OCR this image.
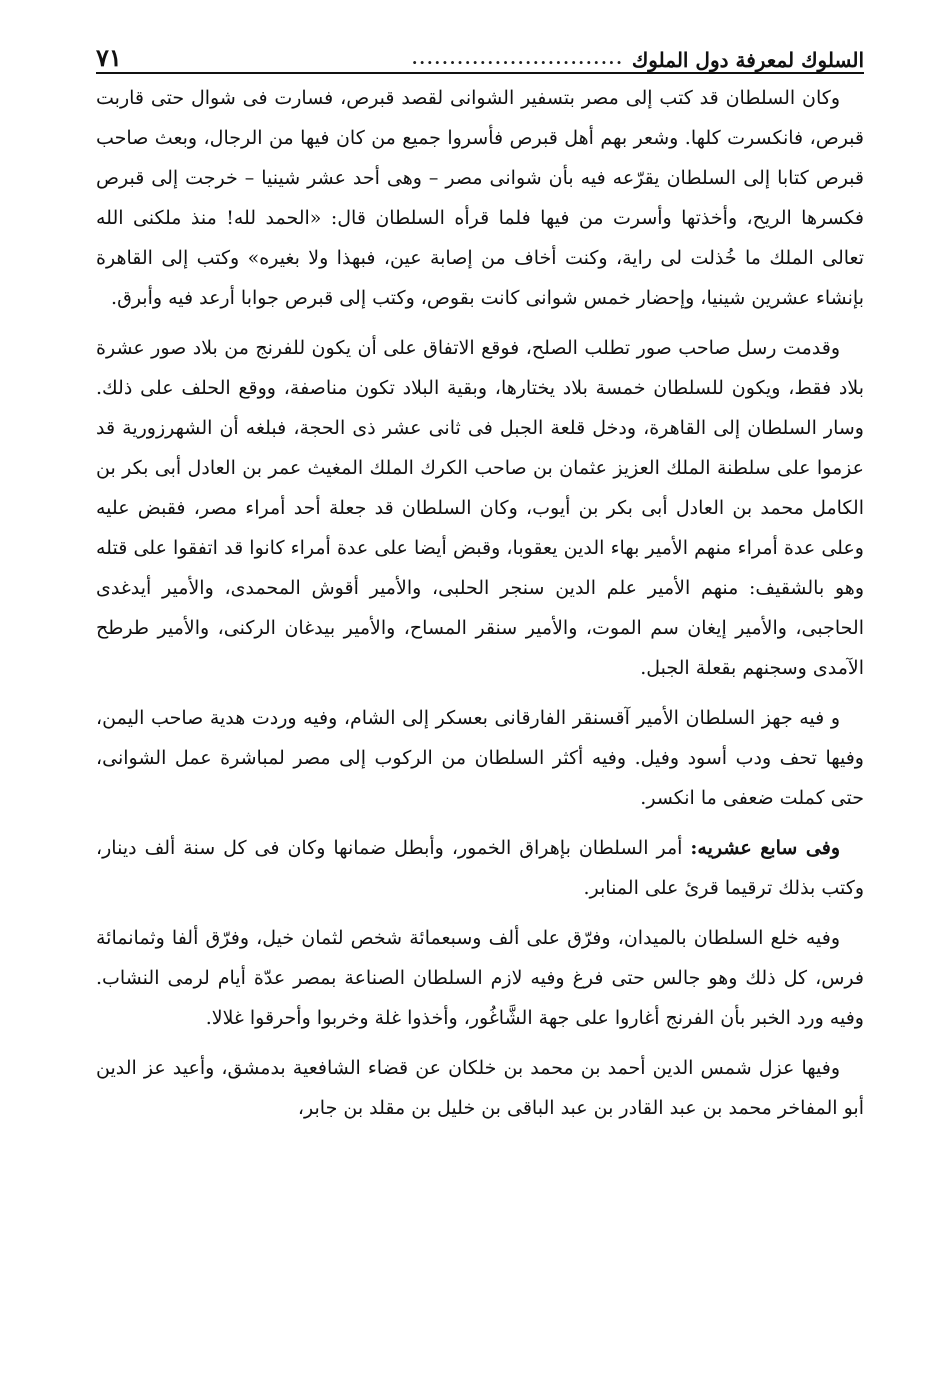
السلوك لمعرفة دول الملوك
............................
٧١

وكان السلطان قد كتب إلى مصر بتسفير الشوانى لقصد قبرص، فسارت فى شوال حتى قاربت قبرص، فانكسرت كلها. وشعر بهم أهل قبرص فأسروا جميع من كان فيها من الرجال، وبعث صاحب قبرص كتابا إلى السلطان يقرّعه فيه بأن شوانى مصر – وهى أحد عشر شينيا – خرجت إلى قبرص فكسرها الريح، وأخذتها وأسرت من فيها فلما قرأه السلطان قال: «الحمد لله! منذ ملكنى الله تعالى الملك ما خُذلت لى راية، وكنت أخاف من إصابة عين، فبهذا ولا بغيره» وكتب إلى القاهرة بإنشاء عشرين شينيا، وإحضار خمس شوانى كانت بقوص، وكتب إلى قبرص جوابا أرعد فيه وأبرق.

وقدمت رسل صاحب صور تطلب الصلح، فوقع الاتفاق على أن يكون للفرنج من بلاد صور عشرة بلاد فقط، ويكون للسلطان خمسة بلاد يختارها، وبقية البلاد تكون مناصفة، ووقع الحلف على ذلك. وسار السلطان إلى القاهرة، ودخل قلعة الجبل فى ثانى عشر ذى الحجة، فبلغه أن الشهرزورية قد عزموا على سلطنة الملك العزيز عثمان بن صاحب الكرك الملك المغيث عمر بن العادل أبى بكر بن الكامل محمد بن العادل أبى بكر بن أيوب، وكان السلطان قد جعلة أحد أمراء مصر، فقبض عليه وعلى عدة أمراء منهم الأمير بهاء الدين يعقوبا، وقبض أيضا على عدة أمراء كانوا قد اتفقوا على قتله وهو بالشقيف: منهم الأمير علم الدين سنجر الحلبى، والأمير أقوش المحمدى، والأمير أيدغدى الحاجبى، والأمير إيغان سم الموت، والأمير سنقر المساح، والأمير بيدغان الركنى، والأمير طرطح الآمدى وسجنهم بقعلة الجبل.

و فيه جهز السلطان الأمير آقسنقر الفارقانى بعسكر إلى الشام، وفيه وردت هدية صاحب اليمن، وفيها تحف ودب أسود وفيل. وفيه أكثر السلطان من الركوب إلى مصر لمباشرة عمل الشوانى، حتى كملت ضعفى ما انكسر.

وفى سابع عشريه: أمر السلطان بإهراق الخمور، وأبطل ضمانها وكان فى كل سنة ألف دينار، وكتب بذلك ترقيما قرئ على المنابر.

وفيه خلع السلطان بالميدان، وفرّق على ألف وسبعمائة شخص لثمان خيل، وفرّق ألفا وثمانمائة فرس، كل ذلك وهو جالس حتى فرغ وفيه لازم السلطان الصناعة بمصر عدّة أيام لرمى النشاب. وفيه ورد الخبر بأن الفرنج أغاروا على جهة الشَّاغُور، وأخذوا غلة وخربوا وأحرقوا غلالا.

وفيها عزل شمس الدين أحمد بن محمد بن خلكان عن قضاء الشافعية بدمشق، وأعيد عز الدين أبو المفاخر محمد بن عبد القادر بن عبد الباقى بن خليل بن مقلد بن جابر،
